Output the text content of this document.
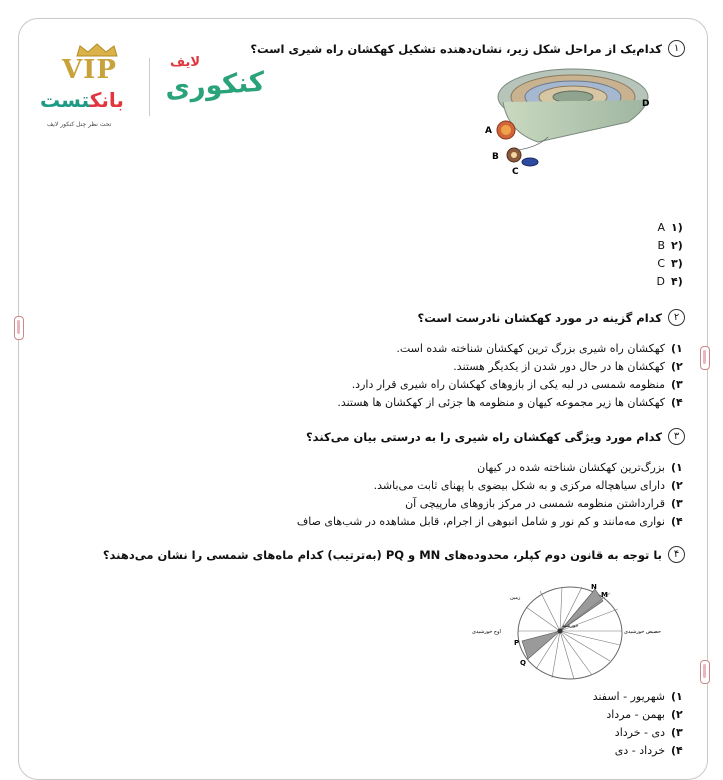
VIP
بانکتست
تحت نظر چنل کنکور لایف
لایف
کنکوری
۱
کدام‌یک از مراحل شکل زیر، نشان‌دهنده تشکیل کهکشان راه شیری است؟
A
B
C
D
A ۱)
B ۲)
C ۳)
D ۴)
۲
کدام گزینه در مورد کهکشان نادرست است؟
۱)
کهکشان راه شیری بزرگ ترین کهکشان شناخته شده است.
۲)
کهکشان ها در حال دور شدن از یکدیگر هستند.
۳)
منظومه شمسی در لبه یکی از بازوهای کهکشان راه شیری قرار دارد.
۴)
کهکشان ها زیر مجموعه کیهان و منظومه ها جزئی از کهکشان ها هستند.
۳
کدام مورد ویژگی کهکشان راه شیری را به درستی بیان می‌کند؟
۱)
بزرگ‌ترین کهکشان شناخته شده در کیهان
۲)
دارای سیاهچاله مرکزی و به شکل بیضوی با پهنای ثابت می‌باشد.
۳)
قرارداشتن منظومه شمسی در مرکز بازوهای مارپیچی آن
۴)
نواری مه‌مانند و کم نور و شامل انبوهی از اجرام، قابل مشاهده در شب‌های صاف
۴
با توجه به قانون دوم کپلر، محدوده‌های MN و PQ (به‌ترتیب) کدام ماه‌های شمسی را نشان می‌دهند؟
M
N
P
Q
خورشید
زمین
حضیض خورشیدی
اوج خورشیدی
۱)
شهریور - اسفند
۲)
بهمن - مرداد
۳)
دی - خرداد
۴)
خرداد - دی
